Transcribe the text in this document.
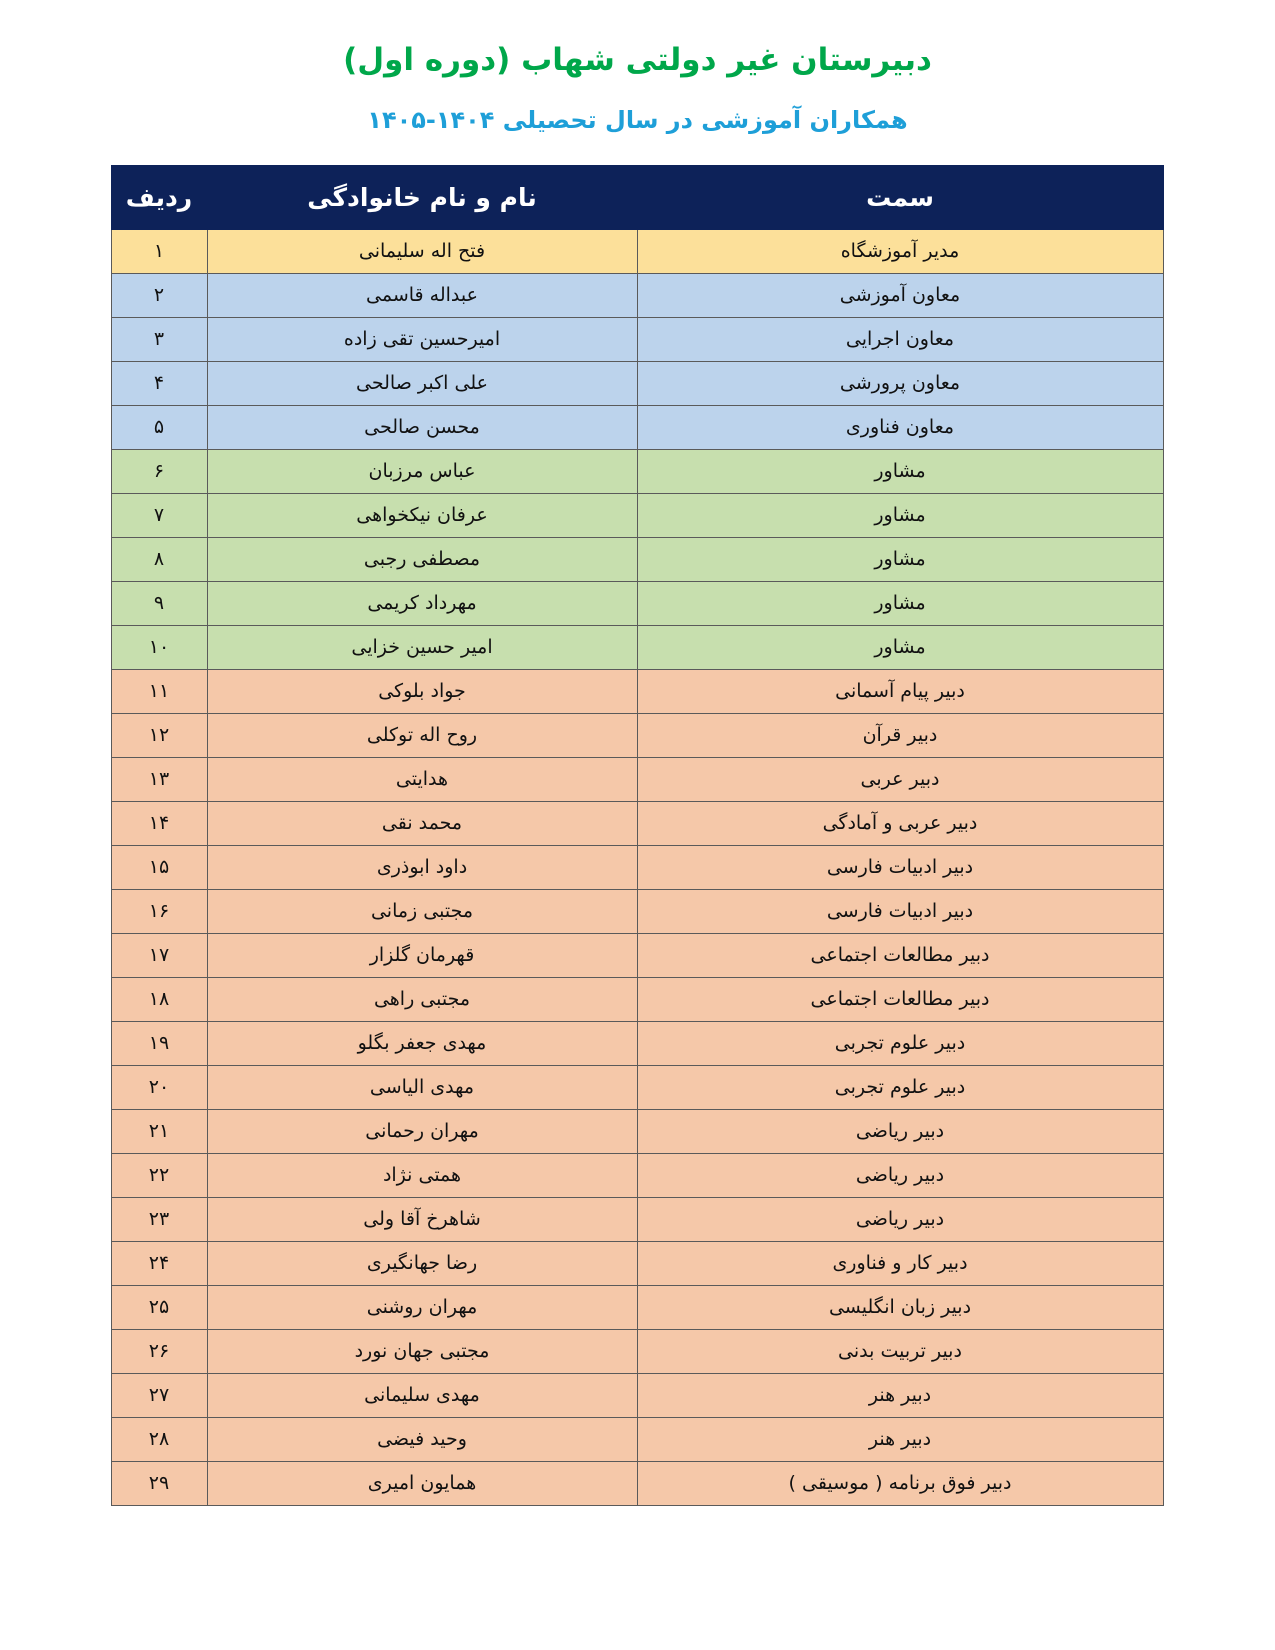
دبیرستان غیر دولتی شهاب (دوره اول)
همکاران آموزشی در سال تحصیلی ۱۴۰۴-۱۴۰۵
سمت	نام و نام خانوادگی	ردیف
مدیر آموزشگاه	فتح اله سلیمانی	۱
معاون آموزشی	عبداله قاسمی	۲
معاون اجرایی	امیرحسین تقی زاده	۳
معاون پرورشی	علی اکبر صالحی	۴
معاون فناوری	محسن صالحی	۵
مشاور	عباس مرزبان	۶
مشاور	عرفان نیکخواهی	۷
مشاور	مصطفی رجبی	۸
مشاور	مهرداد کریمی	۹
مشاور	امیر حسین خزایی	۱۰
دبیر پیام آسمانی	جواد بلوکی	۱۱
دبیر قرآن	روح اله توکلی	۱۲
دبیر عربی	هدایتی	۱۳
دبیر عربی و آمادگی	محمد نقی	۱۴
دبیر ادبیات فارسی	داود ابوذری	۱۵
دبیر ادبیات فارسی	مجتبی زمانی	۱۶
دبیر مطالعات اجتماعی	قهرمان گلزار	۱۷
دبیر مطالعات اجتماعی	مجتبی راهی	۱۸
دبیر علوم تجربی	مهدی جعفر بگلو	۱۹
دبیر علوم تجربی	مهدی الیاسی	۲۰
دبیر ریاضی	مهران رحمانی	۲۱
دبیر ریاضی	همتی نژاد	۲۲
دبیر ریاضی	شاهرخ آقا ولی	۲۳
دبیر کار و فناوری	رضا جهانگیری	۲۴
دبیر زبان انگلیسی	مهران روشنی	۲۵
دبیر تربیت بدنی	مجتبی جهان نورد	۲۶
دبیر هنر	مهدی سلیمانی	۲۷
دبیر هنر	وحید فیضی	۲۸
دبیر فوق برنامه ( موسیقی )	همایون امیری	۲۹
